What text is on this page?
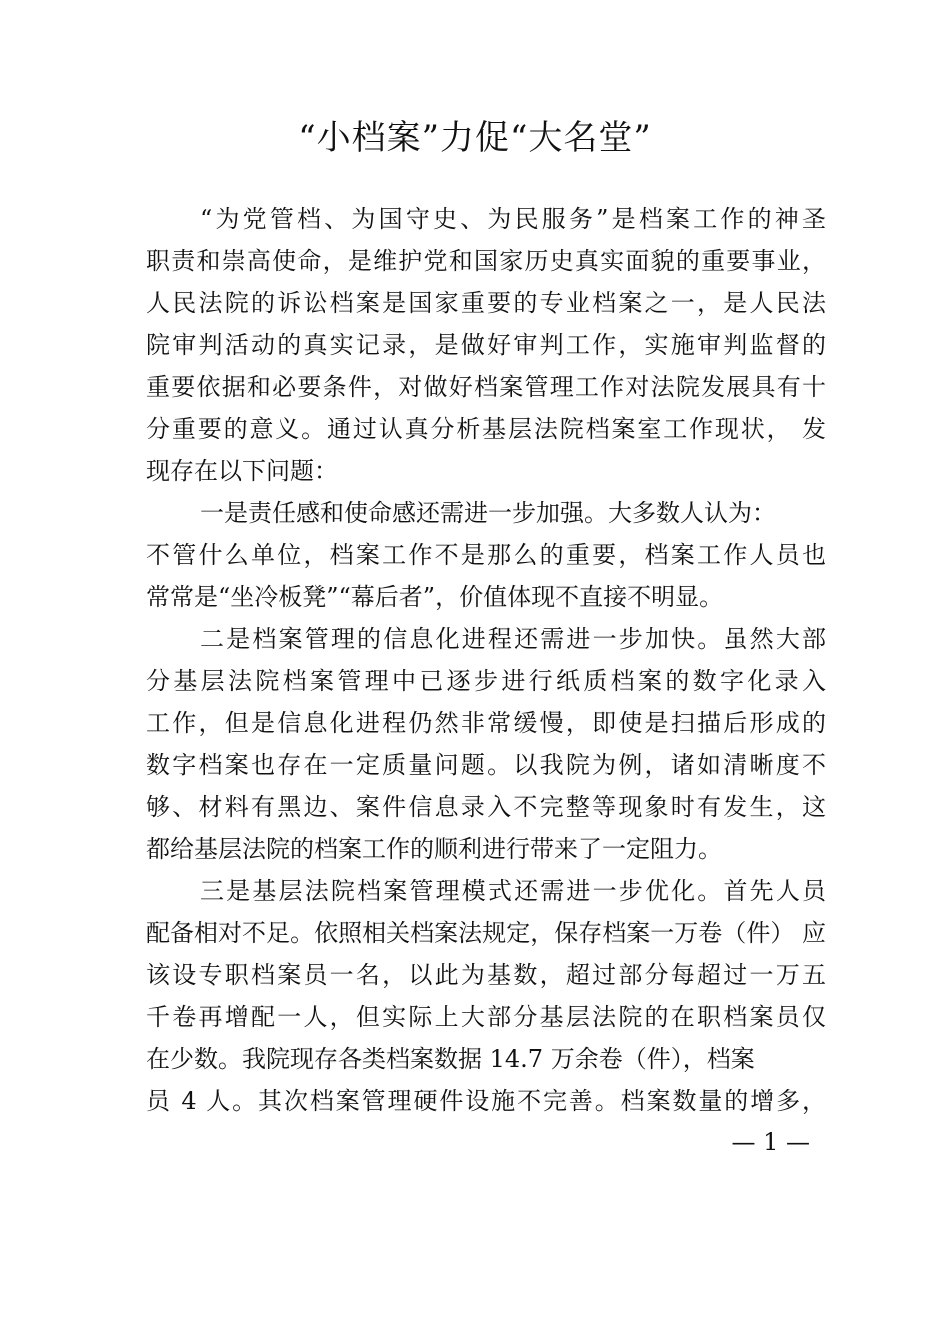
“小档案”力促“大名堂”
“为党管档、为国守史、为民服务”是档案工作的神圣
职责和崇高使命，是维护党和国家历史真实面貌的重要事业，
人民法院的诉讼档案是国家重要的专业档案之一，是人民法
院审判活动的真实记录，是做好审判工作，实施审判监督的
重要依据和必要条件，对做好档案管理工作对法院发展具有十
分重要的意义。通过认真分析基层法院档案室工作现状， 发
现存在以下问题：
一是责任感和使命感还需进一步加强。大多数人认为：
不管什么单位，档案工作不是那么的重要，档案工作人员也
常常是“坐冷板凳”“幕后者”，价值体现不直接不明显。
二是档案管理的信息化进程还需进一步加快。虽然大部
分基层法院档案管理中已逐步进行纸质档案的数字化录入
工作，但是信息化进程仍然非常缓慢，即使是扫描后形成的
数字档案也存在一定质量问题。以我院为例，诸如清晰度不
够、材料有黑边、案件信息录入不完整等现象时有发生，这
都给基层法院的档案工作的顺利进行带来了一定阻力。
三是基层法院档案管理模式还需进一步优化。首先人员
配备相对不足。依照相关档案法规定，保存档案一万卷（件） 应
该设专职档案员一名，以此为基数，超过部分每超过一万五
千卷再增配一人，但实际上大部分基层法院的在职档案员仅
在少数。我院现存各类档案数据 14.7 万余卷（件），档案
员 4 人。其次档案管理硬件设施不完善。档案数量的增多，
— 1 —
